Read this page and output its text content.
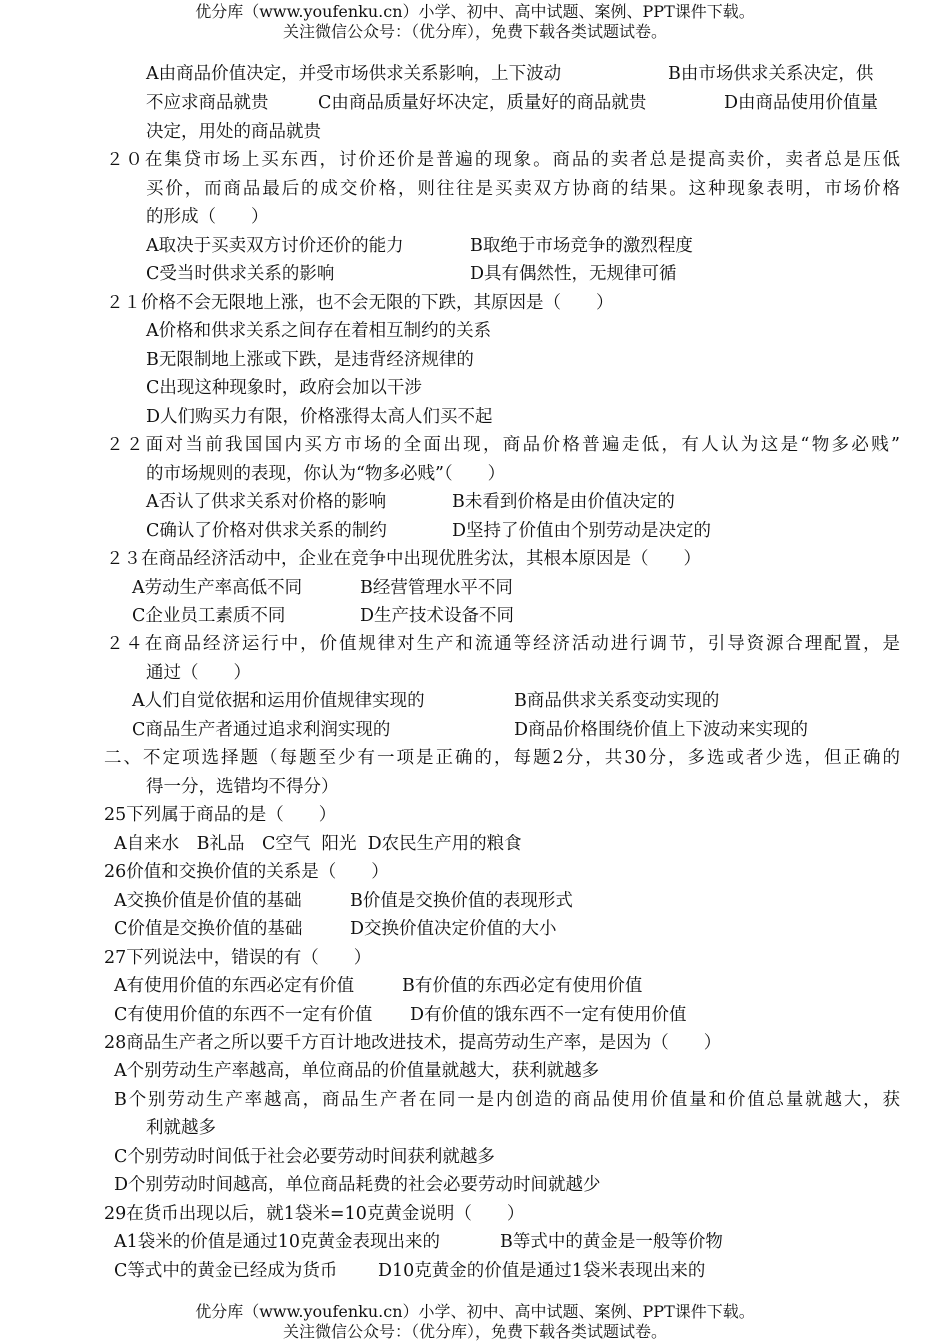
优分库（www.youfenku.cn）小学、初中、高中试题、案例、PPT课件下载。
关注微信公众号：（优分库），免费下载各类试题试卷。
A由商品价值决定，并受市场供求关系影响，上下波动	B由市场供求关系决定，供
不应求商品就贵	C由商品质量好坏决定，质量好的商品就贵	D由商品使用价值量
决定，用处的商品就贵
２０在集贷市场上买东西，讨价还价是普遍的现象。商品的卖者总是提高卖价，卖者总是压低
买价，而商品最后的成交价格，则往往是买卖双方协商的结果。这种现象表明，市场价格
的形成（　　）
A取决于买卖双方讨价还价的能力	B取绝于市场竞争的激烈程度
C受当时供求关系的影响	D具有偶然性，无规律可循
２１价格不会无限地上涨，也不会无限的下跌，其原因是（　　）
A价格和供求关系之间存在着相互制约的关系
B无限制地上涨或下跌，是违背经济规律的
C出现这种现象时，政府会加以干涉
D人们购买力有限，价格涨得太高人们买不起
２２面对当前我国国内买方市场的全面出现，商品价格普遍走低，有人认为这是“物多必贱”
的市场规则的表现，你认为“物多必贱”（　　）
A否认了供求关系对价格的影响	B未看到价格是由价值决定的
C确认了价格对供求关系的制约	D坚持了价值由个别劳动是决定的
２３在商品经济活动中，企业在竞争中出现优胜劣汰，其根本原因是（　　）
A劳动生产率高低不同	B经营管理水平不同
C企业员工素质不同	D生产技术设备不同
２４在商品经济运行中，价值规律对生产和流通等经济活动进行调节，引导资源合理配置，是
通过（　　）
A人们自觉依据和运用价值规律实现的	B商品供求关系变动实现的
C商品生产者通过追求利润实现的	D商品价格围绕价值上下波动来实现的
二、不定项选择题（每题至少有一项是正确的，每题2分，共30分，多选或者少选，但正确的
得一分，选错均不得分）
25下列属于商品的是（　　）
A自来水　B礼品　C空气  阳光  D农民生产用的粮食
26价值和交换价值的关系是（　　）
A交换价值是价值的基础	B价值是交换价值的表现形式
C价值是交换价值的基础	D交换价值决定价值的大小
27下列说法中，错误的有（　　）
A有使用价值的东西必定有价值	B有价值的东西必定有使用价值
C有使用价值的东西不一定有价值 D有价值的饿东西不一定有使用价值
28商品生产者之所以要千方百计地改进技术，提高劳动生产率，是因为（　　）
A个别劳动生产率越高，单位商品的价值量就越大，获利就越多
B个别劳动生产率越高，商品生产者在同一是内创造的商品使用价值量和价值总量就越大，获
利就越多
C个别劳动时间低于社会必要劳动时间获利就越多
D个别劳动时间越高，单位商品耗费的社会必要劳动时间就越少
29在货币出现以后，就1袋米=10克黄金说明（　　）
A1袋米的价值是通过10克黄金表现出来的	B等式中的黄金是一般等价物
C等式中的黄金已经成为货币 D10克黄金的价值是通过1袋米表现出来的
优分库（www.youfenku.cn）小学、初中、高中试题、案例、PPT课件下载。
关注微信公众号：（优分库），免费下载各类试题试卷。
